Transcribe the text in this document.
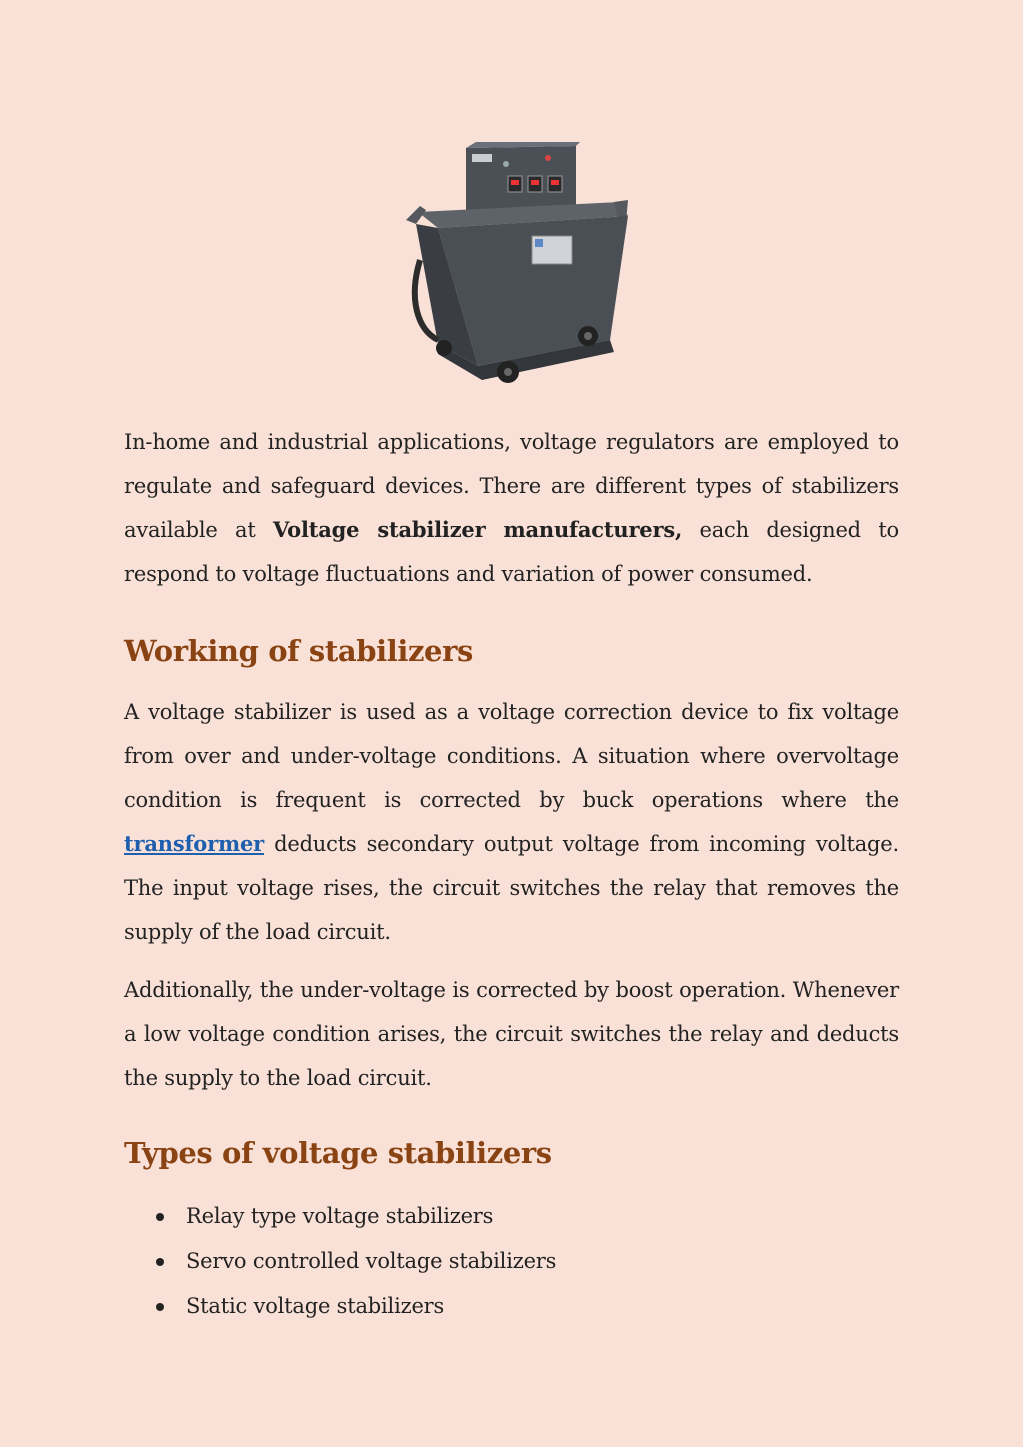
In-home and industrial applications, voltage regulators are employed to regulate and safeguard devices. There are different types of stabilizers available at Voltage stabilizer manufacturers, each designed to respond to voltage fluctuations and variation of power consumed.

Working of stabilizers

A voltage stabilizer is used as a voltage correction device to fix voltage from over and under-voltage conditions. A situation where overvoltage condition is frequent is corrected by buck operations where the transformer deducts secondary output voltage from incoming voltage. The input voltage rises, the circuit switches the relay that removes the supply of the load circuit.

Additionally, the under-voltage is corrected by boost operation. Whenever a low voltage condition arises, the circuit switches the relay and deducts the supply to the load circuit.

Types of voltage stabilizers
Relay type voltage stabilizers
Servo controlled voltage stabilizers
Static voltage stabilizers
